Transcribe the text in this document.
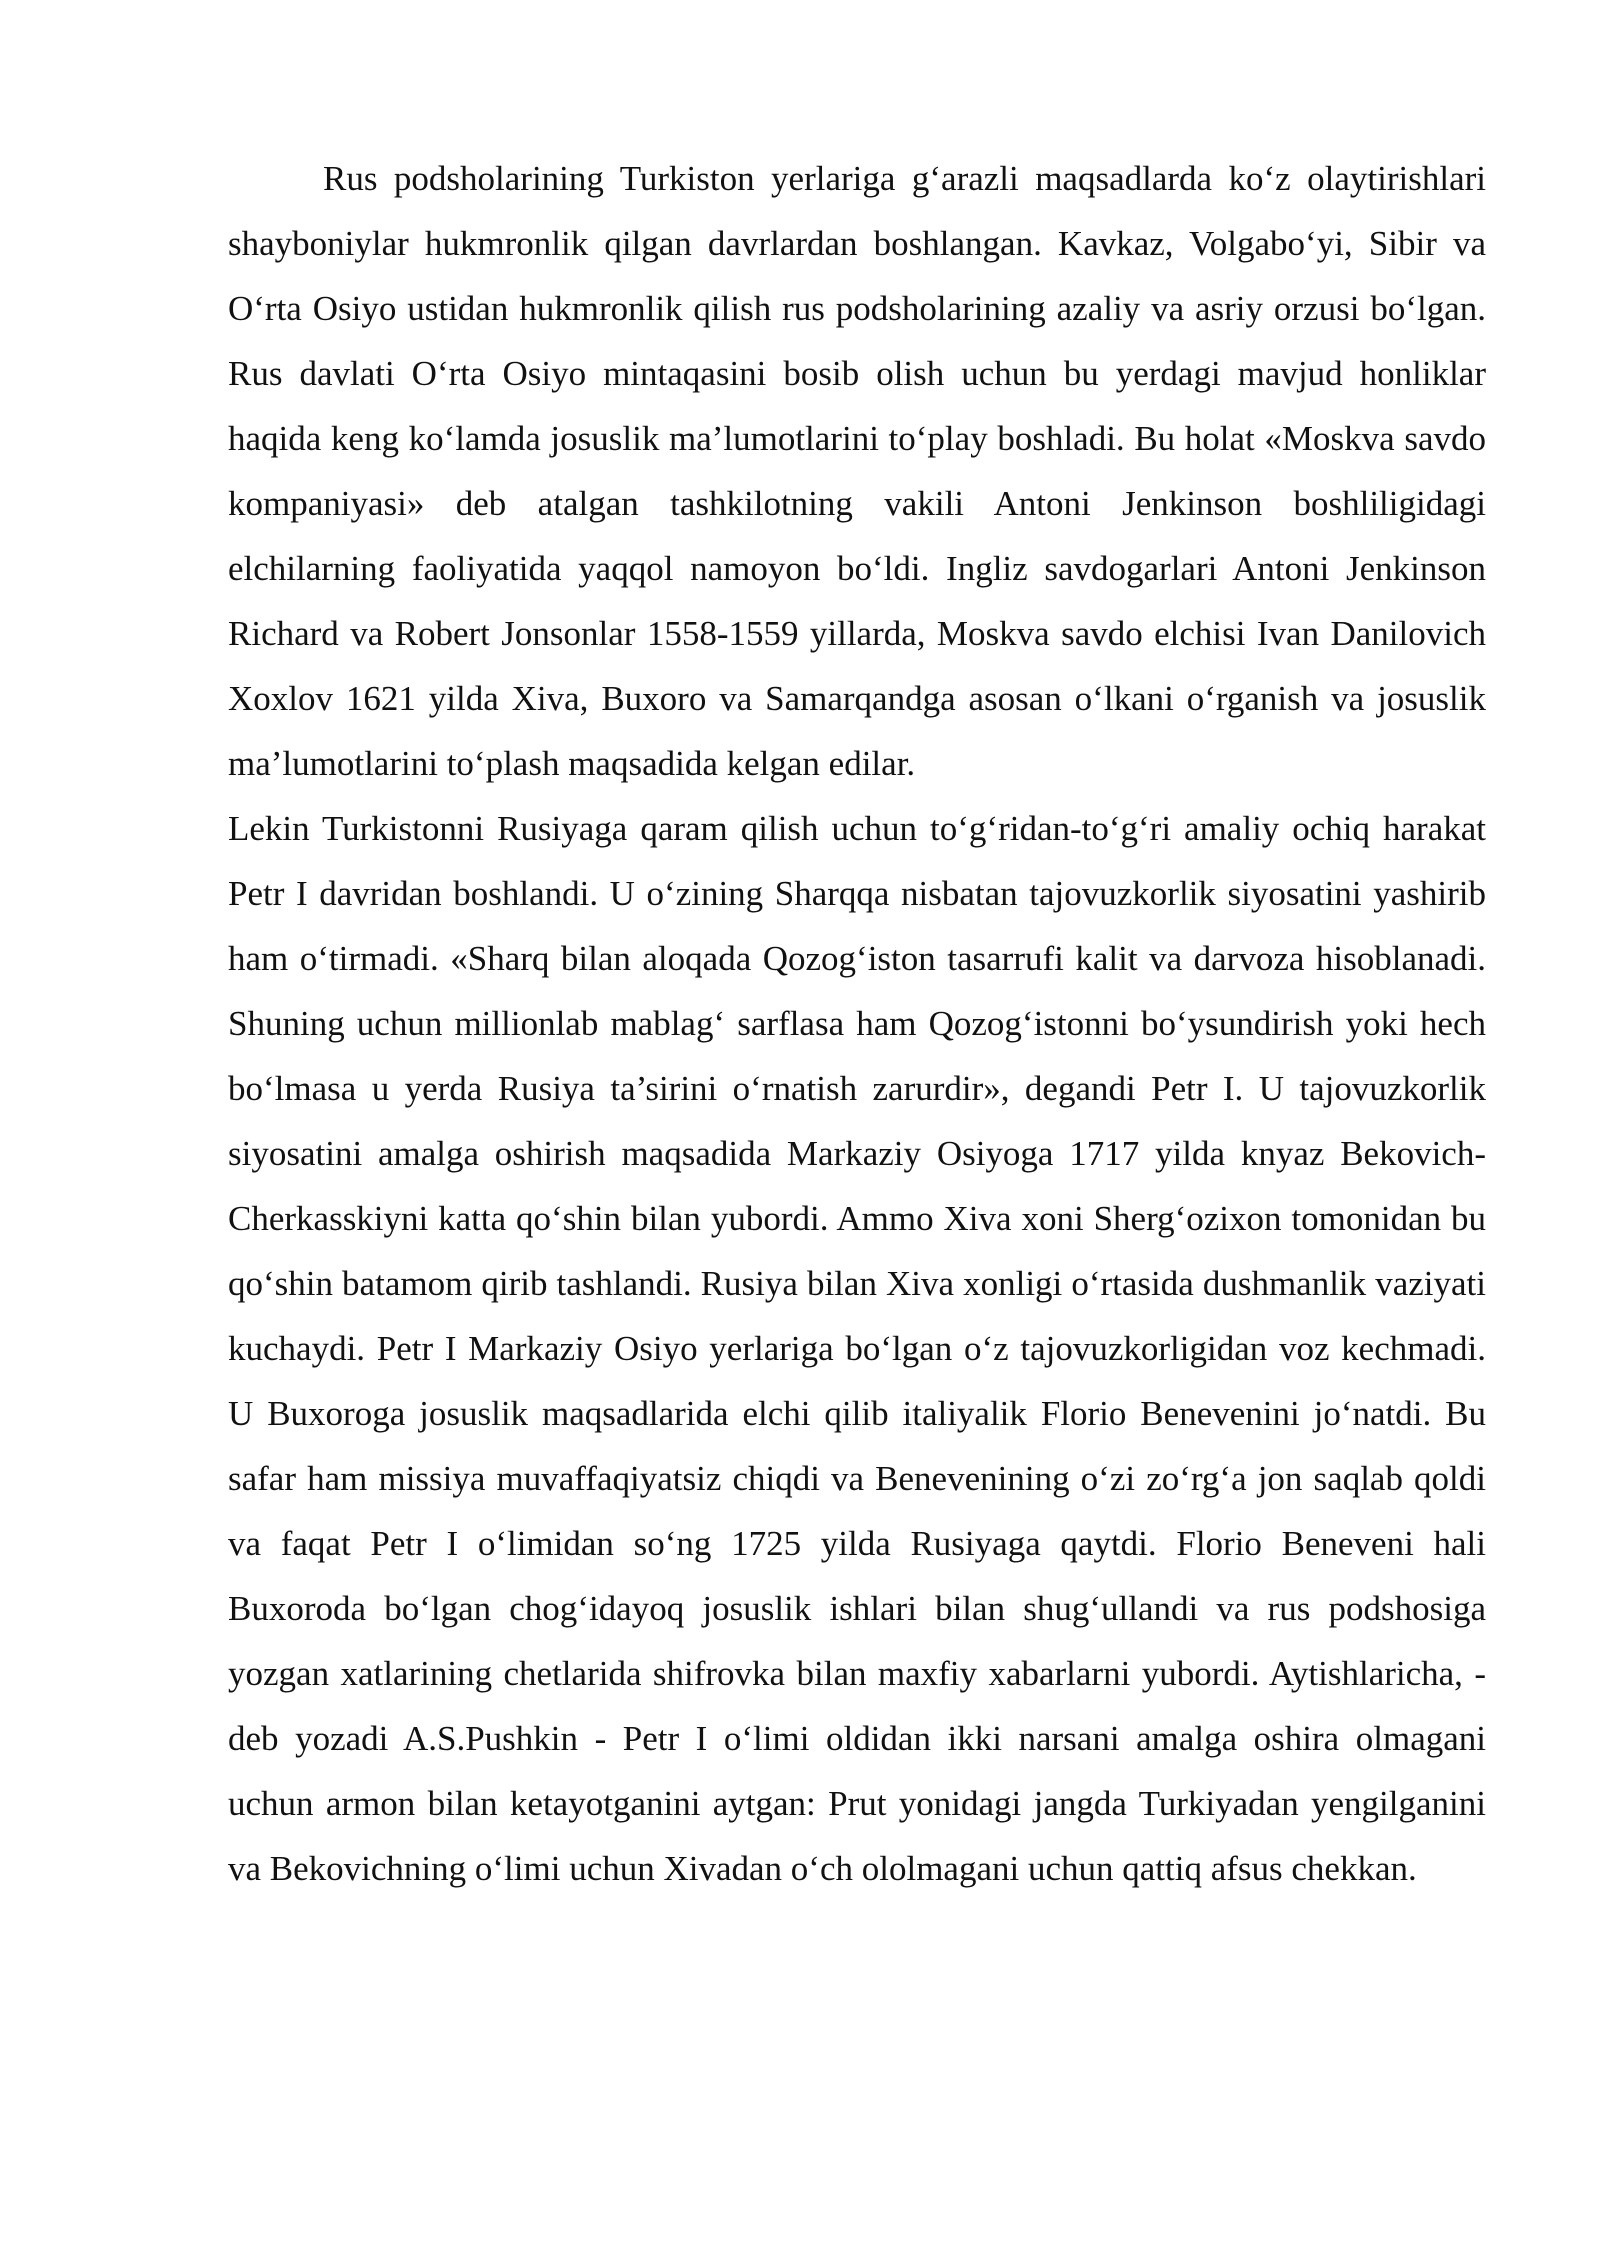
Rus podsholarining Turkiston yerlariga g‘arazli maqsadlarda ko‘z olaytirishlari shayboniylar hukmronlik qilgan davrlardan boshlangan. Kavkaz, Volgabo‘yi, Sibir va O‘rta Osiyo ustidan hukmronlik qilish rus podsholarining azaliy va asriy orzusi bo‘lgan. Rus davlati O‘rta Osiyo mintaqasini bosib olish uchun bu yerdagi mavjud honliklar haqida keng ko‘lamda josuslik ma’lumotlarini to‘play boshladi. Bu holat «Moskva savdo kompaniyasi» deb atalgan tashkilotning vakili Antoni Jenkinson boshliligidagi elchilarning faoliyatida yaqqol namoyon bo‘ldi. Ingliz savdogarlari Antoni Jenkinson Richard va Robert Jonsonlar 1558-1559 yillarda, Moskva savdo elchisi Ivan Danilovich Xoxlov 1621 yilda Xiva, Buxoro va Samarqandga asosan o‘lkani o‘rganish va josuslik ma’lumotlarini to‘plash maqsadida kelgan edilar.

Lekin Turkistonni Rusiyaga qaram qilish uchun to‘g‘ridan-to‘g‘ri amaliy ochiq harakat Petr I davridan boshlandi. U o‘zining Sharqqa nisbatan tajovuzkorlik siyosatini yashirib ham o‘tirmadi. «Sharq bilan aloqada Qozog‘iston tasarrufi kalit va darvoza hisoblanadi. Shuning uchun millionlab mablag‘ sarflasa ham Qozog‘istonni bo‘ysundirish yoki hech bo‘lmasa u yerda Rusiya ta’sirini o‘rnatish zarurdir», degandi Petr I. U tajovuzkorlik siyosatini amalga oshirish maqsadida Markaziy Osiyoga 1717 yilda knyaz Bekovich-Cherkasskiyni katta qo‘shin bilan yubordi. Ammo Xiva xoni Sherg‘ozixon tomonidan bu qo‘shin batamom qirib tashlandi. Rusiya bilan Xiva xonligi o‘rtasida dushmanlik vaziyati kuchaydi. Petr I Markaziy Osiyo yerlariga bo‘lgan o‘z tajovuzkorligidan voz kechmadi. U Buxoroga josuslik maqsadlarida elchi qilib italiyalik Florio Benevenini jo‘natdi. Bu safar ham missiya muvaffaqiyatsiz chiqdi va Benevenining o‘zi zo‘rg‘a jon saqlab qoldi va faqat Petr I o‘limidan so‘ng 1725 yilda Rusiyaga qaytdi. Florio Beneveni hali Buxoroda bo‘lgan chog‘idayoq josuslik ishlari bilan shug‘ullandi va rus podshosiga yozgan xatlarining chetlarida shifrovka bilan maxfiy xabarlarni yubordi. Aytishlaricha, - deb yozadi A.S.Pushkin - Petr I o‘limi oldidan ikki narsani amalga oshira olmagani uchun armon bilan ketayotganini aytgan: Prut yonidagi jangda Turkiyadan yengilganini va Bekovichning o‘limi uchun Xivadan o‘ch ololmagani uchun qattiq afsus chekkan.
